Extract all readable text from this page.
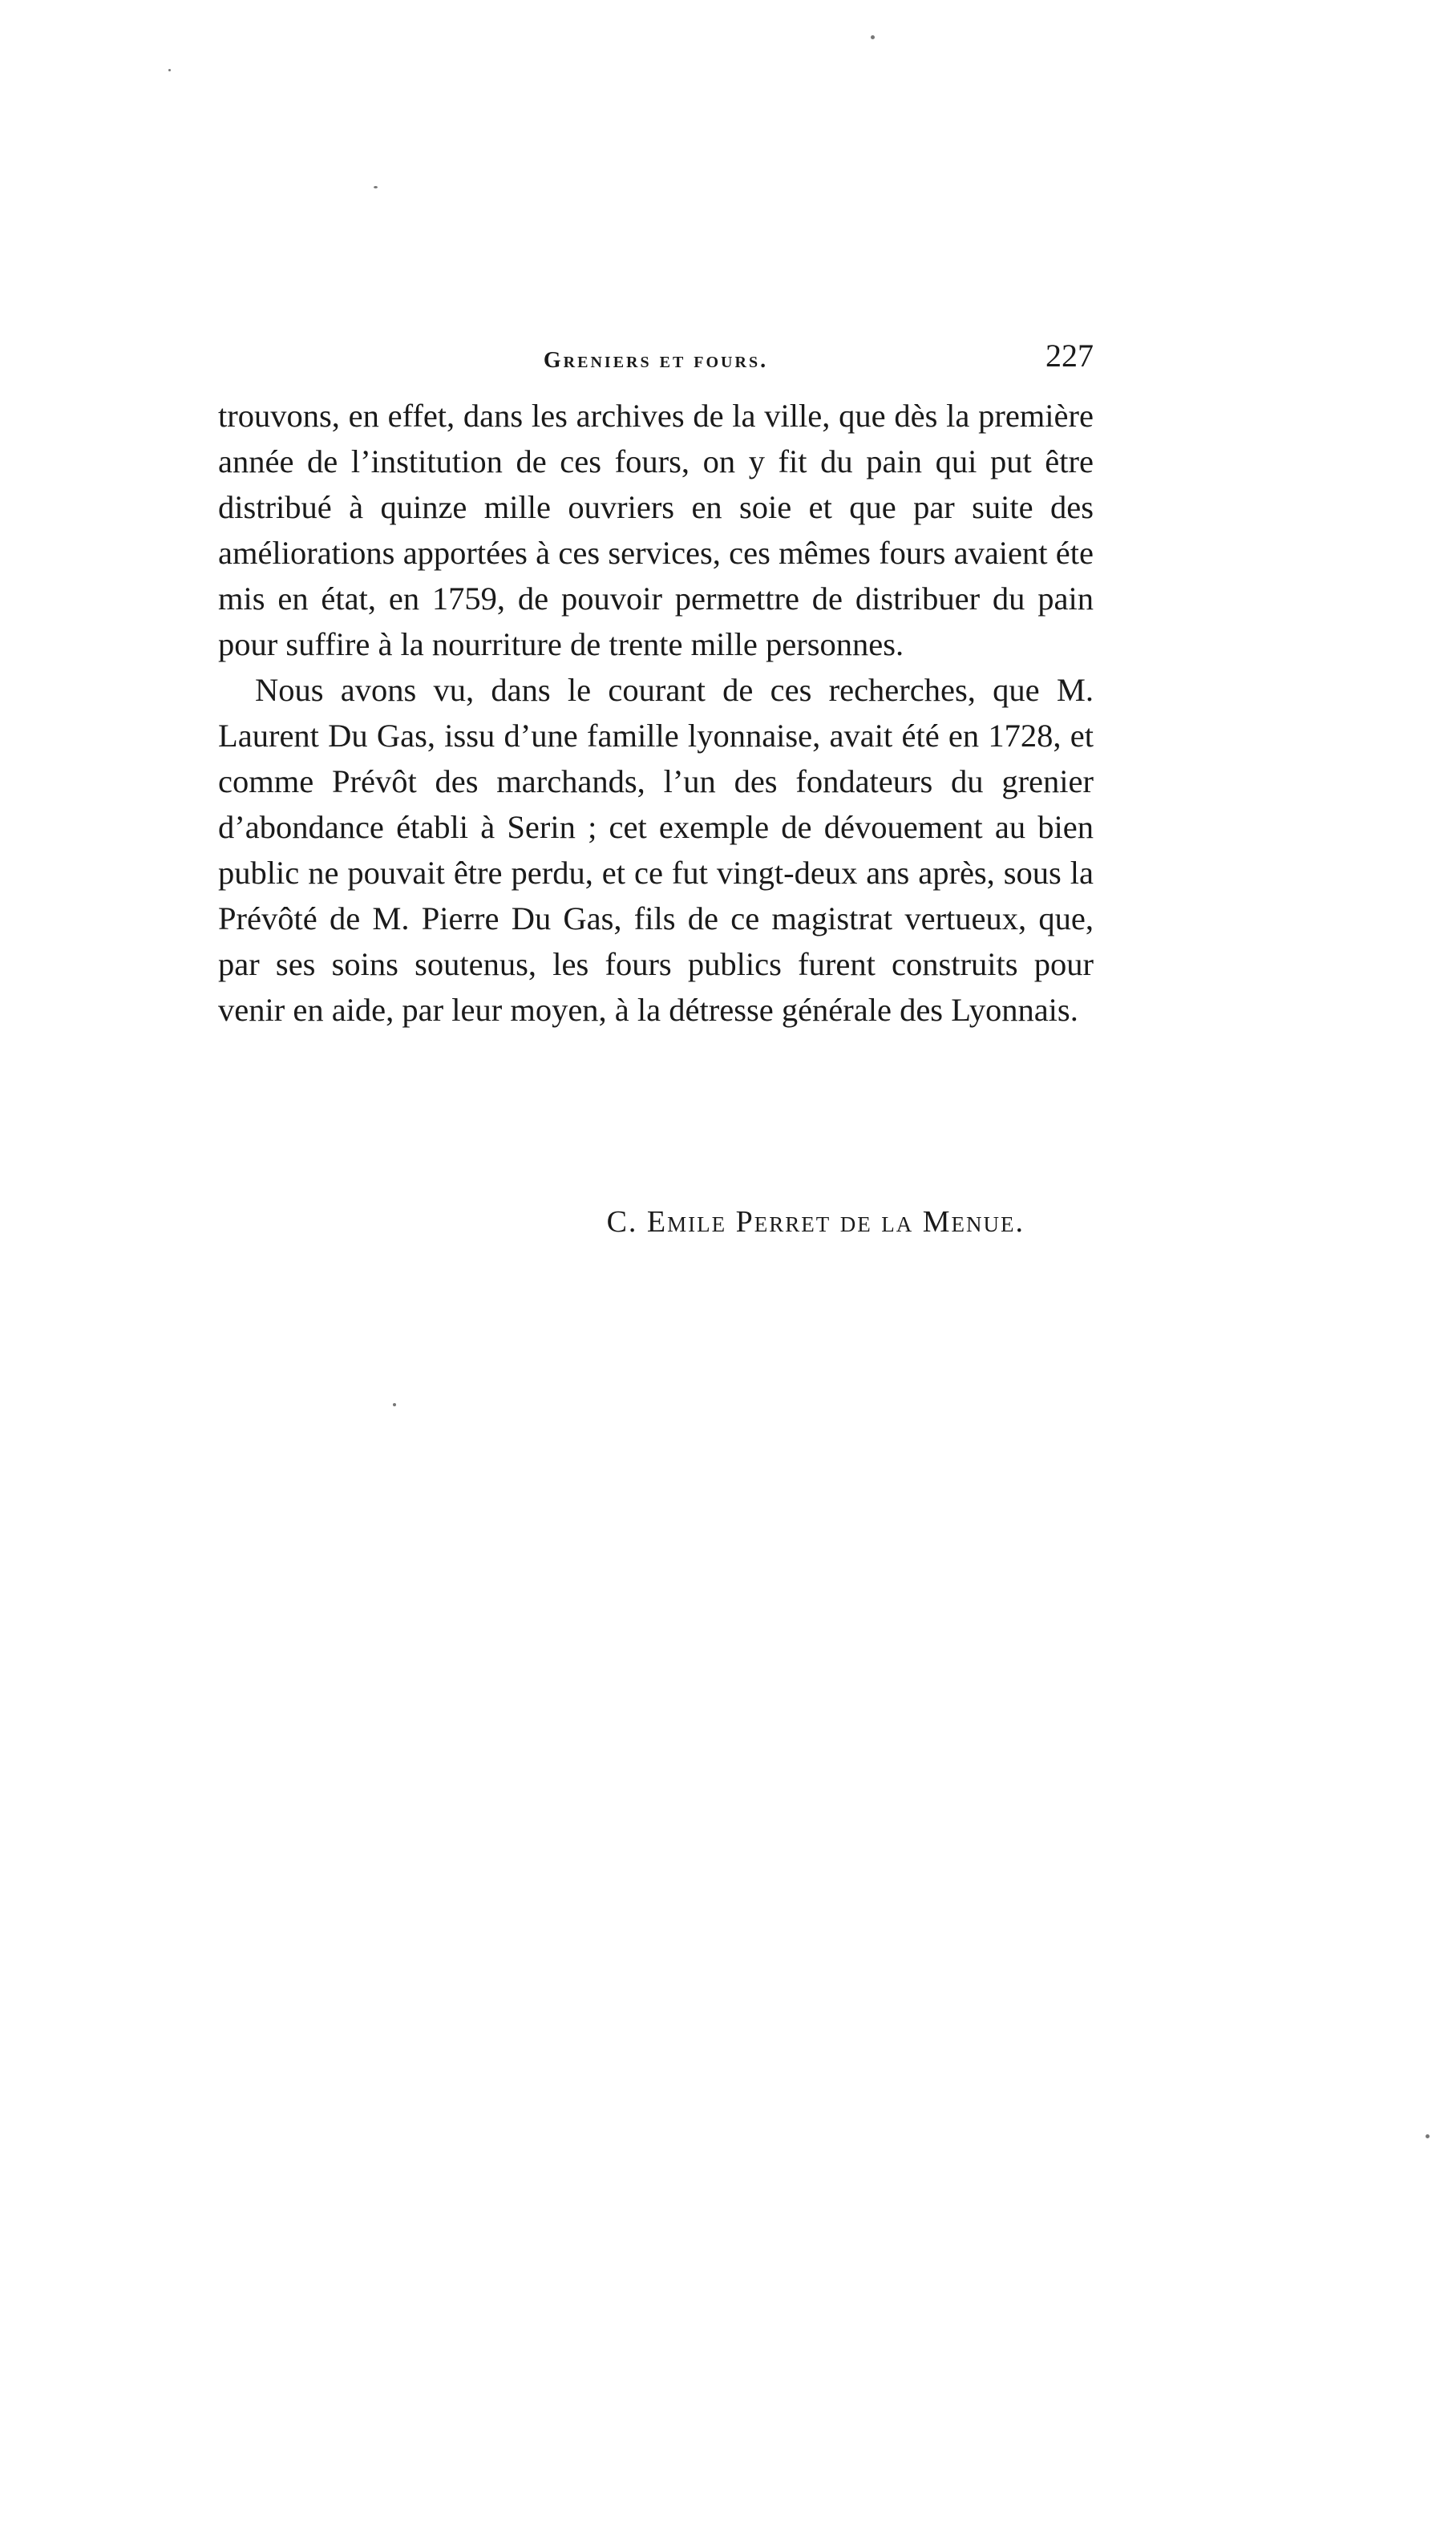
Greniers et fours.	227

trouvons, en effet, dans les archives de la ville, que dès la première année de l’institution de ces fours, on y fit du pain qui put être distribué à quinze mille ouvriers en soie et que par suite des améliorations apportées à ces services, ces mêmes fours avaient éte mis en état, en 1759, de pouvoir permettre de distribuer du pain pour suffire à la nourriture de trente mille personnes.

Nous avons vu, dans le courant de ces recherches, que M. Laurent Du Gas, issu d’une famille lyonnaise, avait été en 1728, et comme Prévôt des marchands, l’un des fondateurs du grenier d’abondance établi à Serin ; cet exemple de dévouement au bien public ne pouvait être perdu, et ce fut vingt-deux ans après, sous la Prévôté de M. Pierre Du Gas, fils de ce magistrat vertueux, que, par ses soins soutenus, les fours publics furent construits pour venir en aide, par leur moyen, à la détresse générale des Lyonnais.

C. Emile Perret de la Menue.
